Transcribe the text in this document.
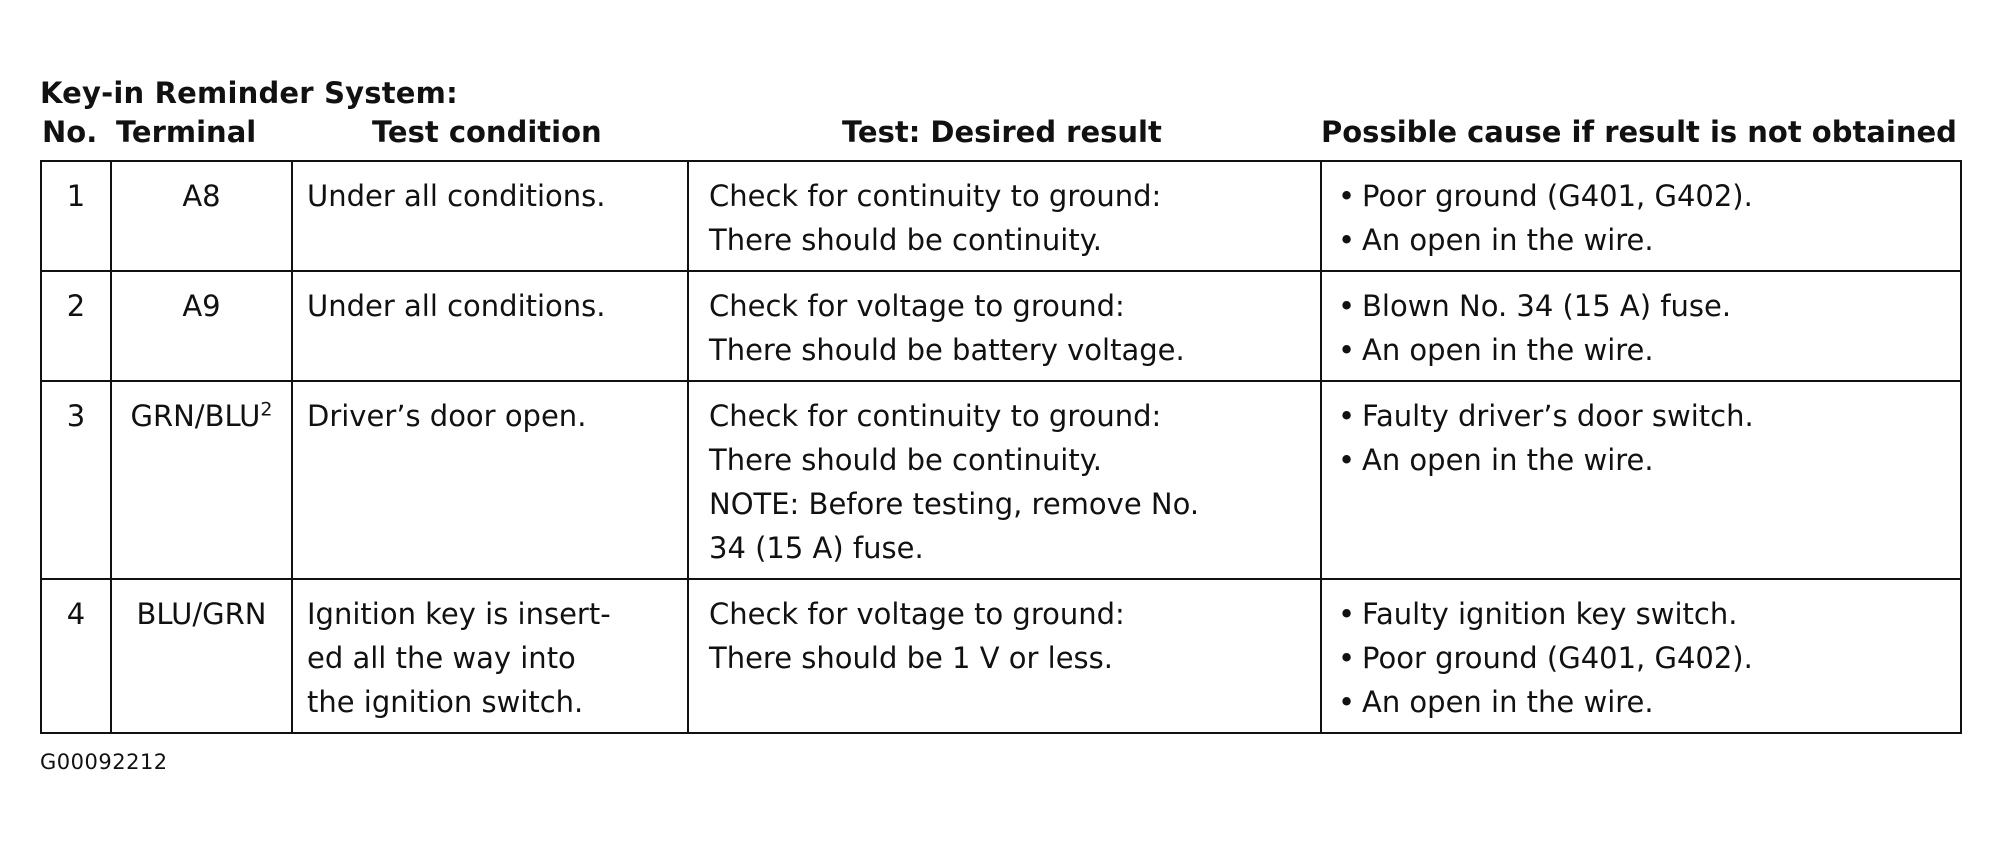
Key-in Reminder System:
No. Terminal	Test condition	Test: Desired result	Possible cause if result is not obtained
1	A8	Under all conditions.	Check for continuity to ground:
There should be continuity.	• Poor ground (G401, G402).
• An open in the wire.

2	A9	Under all conditions.	Check for voltage to ground:
There should be battery voltage.	• Blown No. 34 (15 A) fuse.
• An open in the wire.

3	GRN/BLU$^2$	Driver’s door open.	Check for continuity to ground:
There should be continuity.
NOTE: Before testing, remove No.
34 (15 A) fuse.	• Faulty driver’s door switch.
• An open in the wire.

4	BLU/GRN	Ignition key is insert-
ed all the way into
the ignition switch.	Check for voltage to ground:
There should be 1 V or less.	• Faulty ignition key switch.
• Poor ground (G401, G402).
• An open in the wire.
G00092212
